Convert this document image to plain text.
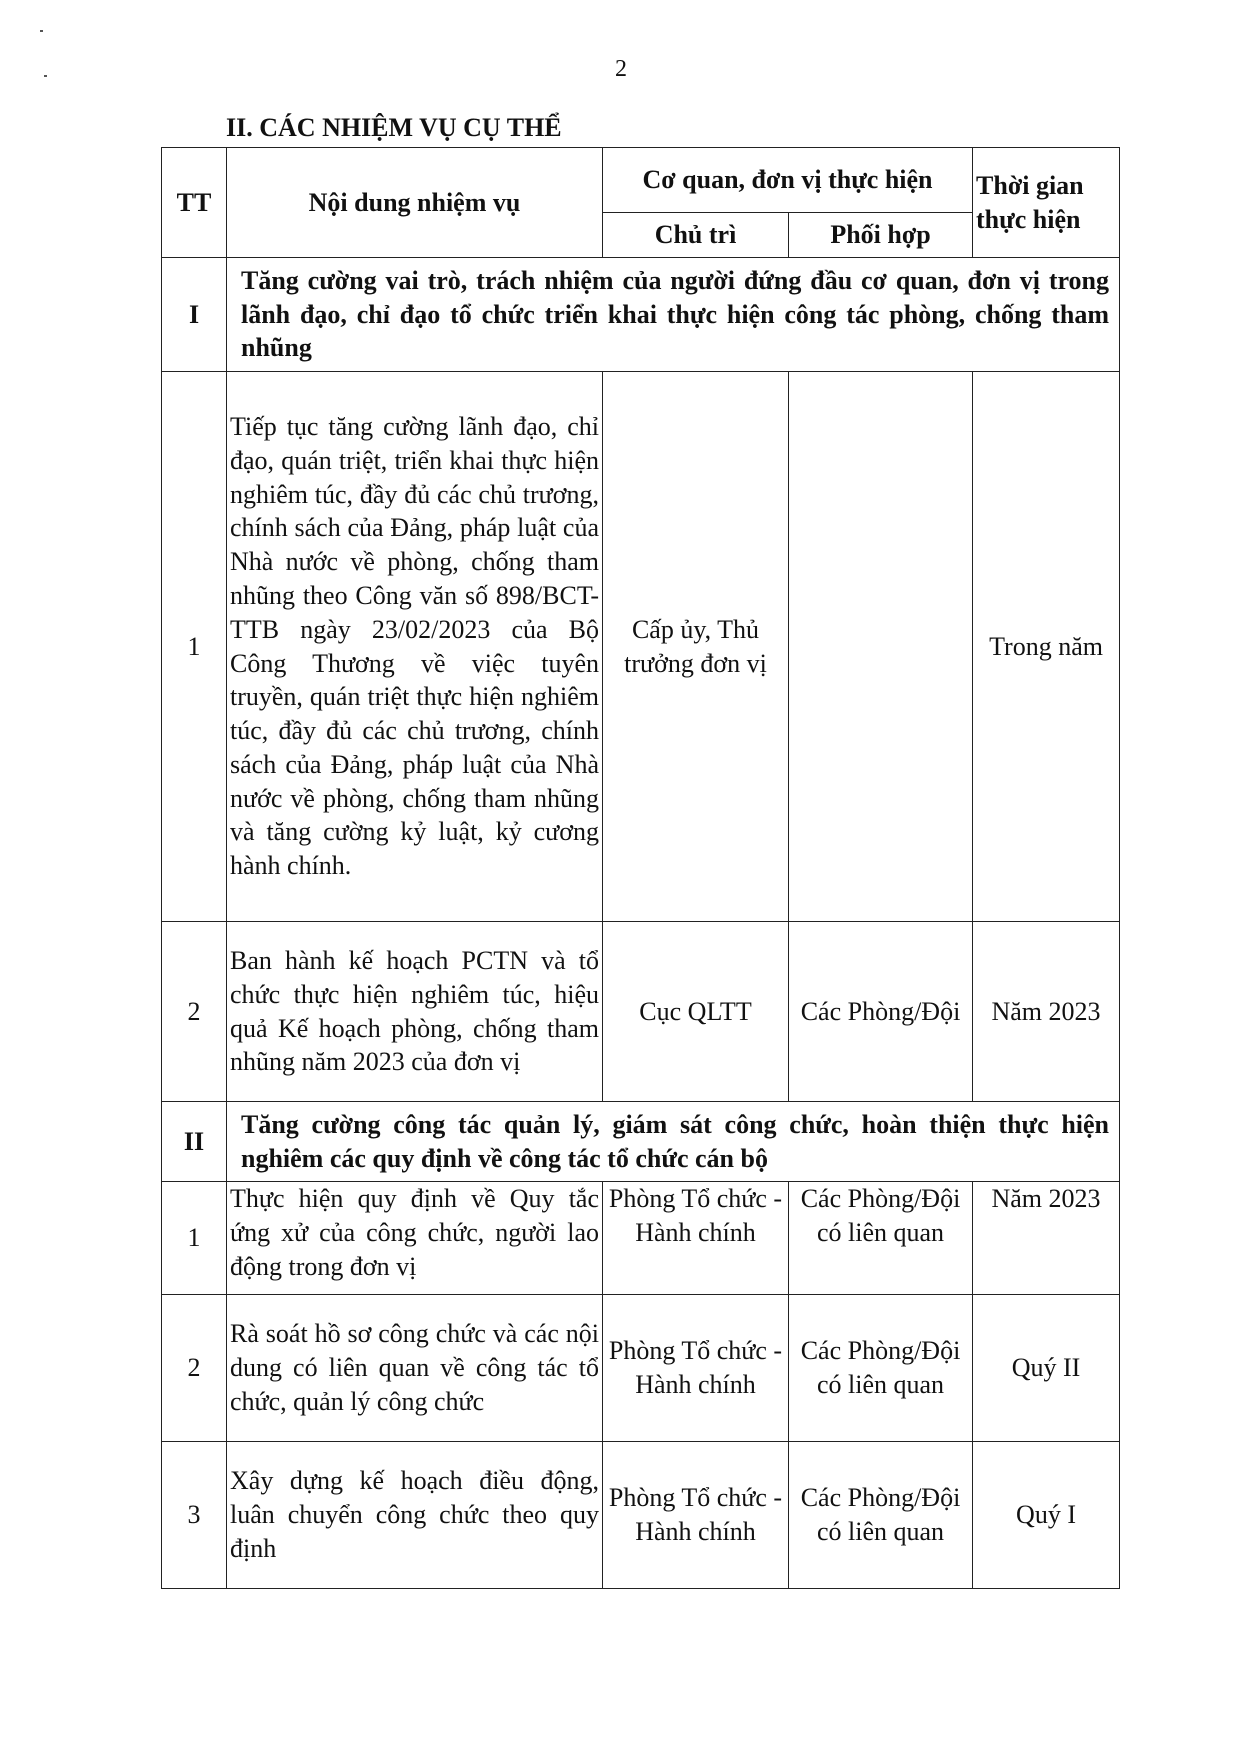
2
II. CÁC NHIỆM VỤ CỤ THỂ
TT	Nội dung nhiệm vụ	Cơ quan, đơn vị thực hiện		Thời gian thực hiện
		Chủ trì	Phối hợp	
I	Tăng cường vai trò, trách nhiệm của người đứng đầu cơ quan, đơn vị trong lãnh đạo, chỉ đạo tổ chức triển khai thực hiện công tác phòng, chống tham nhũng			
1	Tiếp tục tăng cường lãnh đạo, chỉ đạo, quán triệt, triển khai thực hiện nghiêm túc, đầy đủ các chủ trương, chính sách của Đảng, pháp luật của Nhà nước về phòng, chống tham nhũng theo Công văn số 898/BCT-TTB ngày 23/02/2023 của Bộ Công Thương về việc tuyên truyền, quán triệt thực hiện nghiêm túc, đầy đủ các chủ trương, chính sách của Đảng, pháp luật của Nhà nước về phòng, chống tham nhũng và tăng cường kỷ luật, kỷ cương hành chính.	Cấp ủy, Thủ trưởng đơn vị		Trong năm
2	Ban hành kế hoạch PCTN và tổ chức thực hiện nghiêm túc, hiệu quả Kế hoạch phòng, chống tham nhũng năm 2023 của đơn vị	Cục QLTT	Các Phòng/Đội	Năm 2023
II	Tăng cường công tác quản lý, giám sát công chức, hoàn thiện thực hiện nghiêm các quy định về công tác tổ chức cán bộ			
1	Thực hiện quy định về Quy tắc ứng xử của công chức, người lao động trong đơn vị	Phòng Tổ chức - Hành chính	Các Phòng/Đội có liên quan	Năm 2023
2	Rà soát hồ sơ công chức và các nội dung có liên quan về công tác tổ chức, quản lý công chức	Phòng Tổ chức - Hành chính	Các Phòng/Đội có liên quan	Quý II
3	Xây dựng kế hoạch điều động, luân chuyển công chức theo quy định	Phòng Tổ chức - Hành chính	Các Phòng/Đội có liên quan	Quý I
